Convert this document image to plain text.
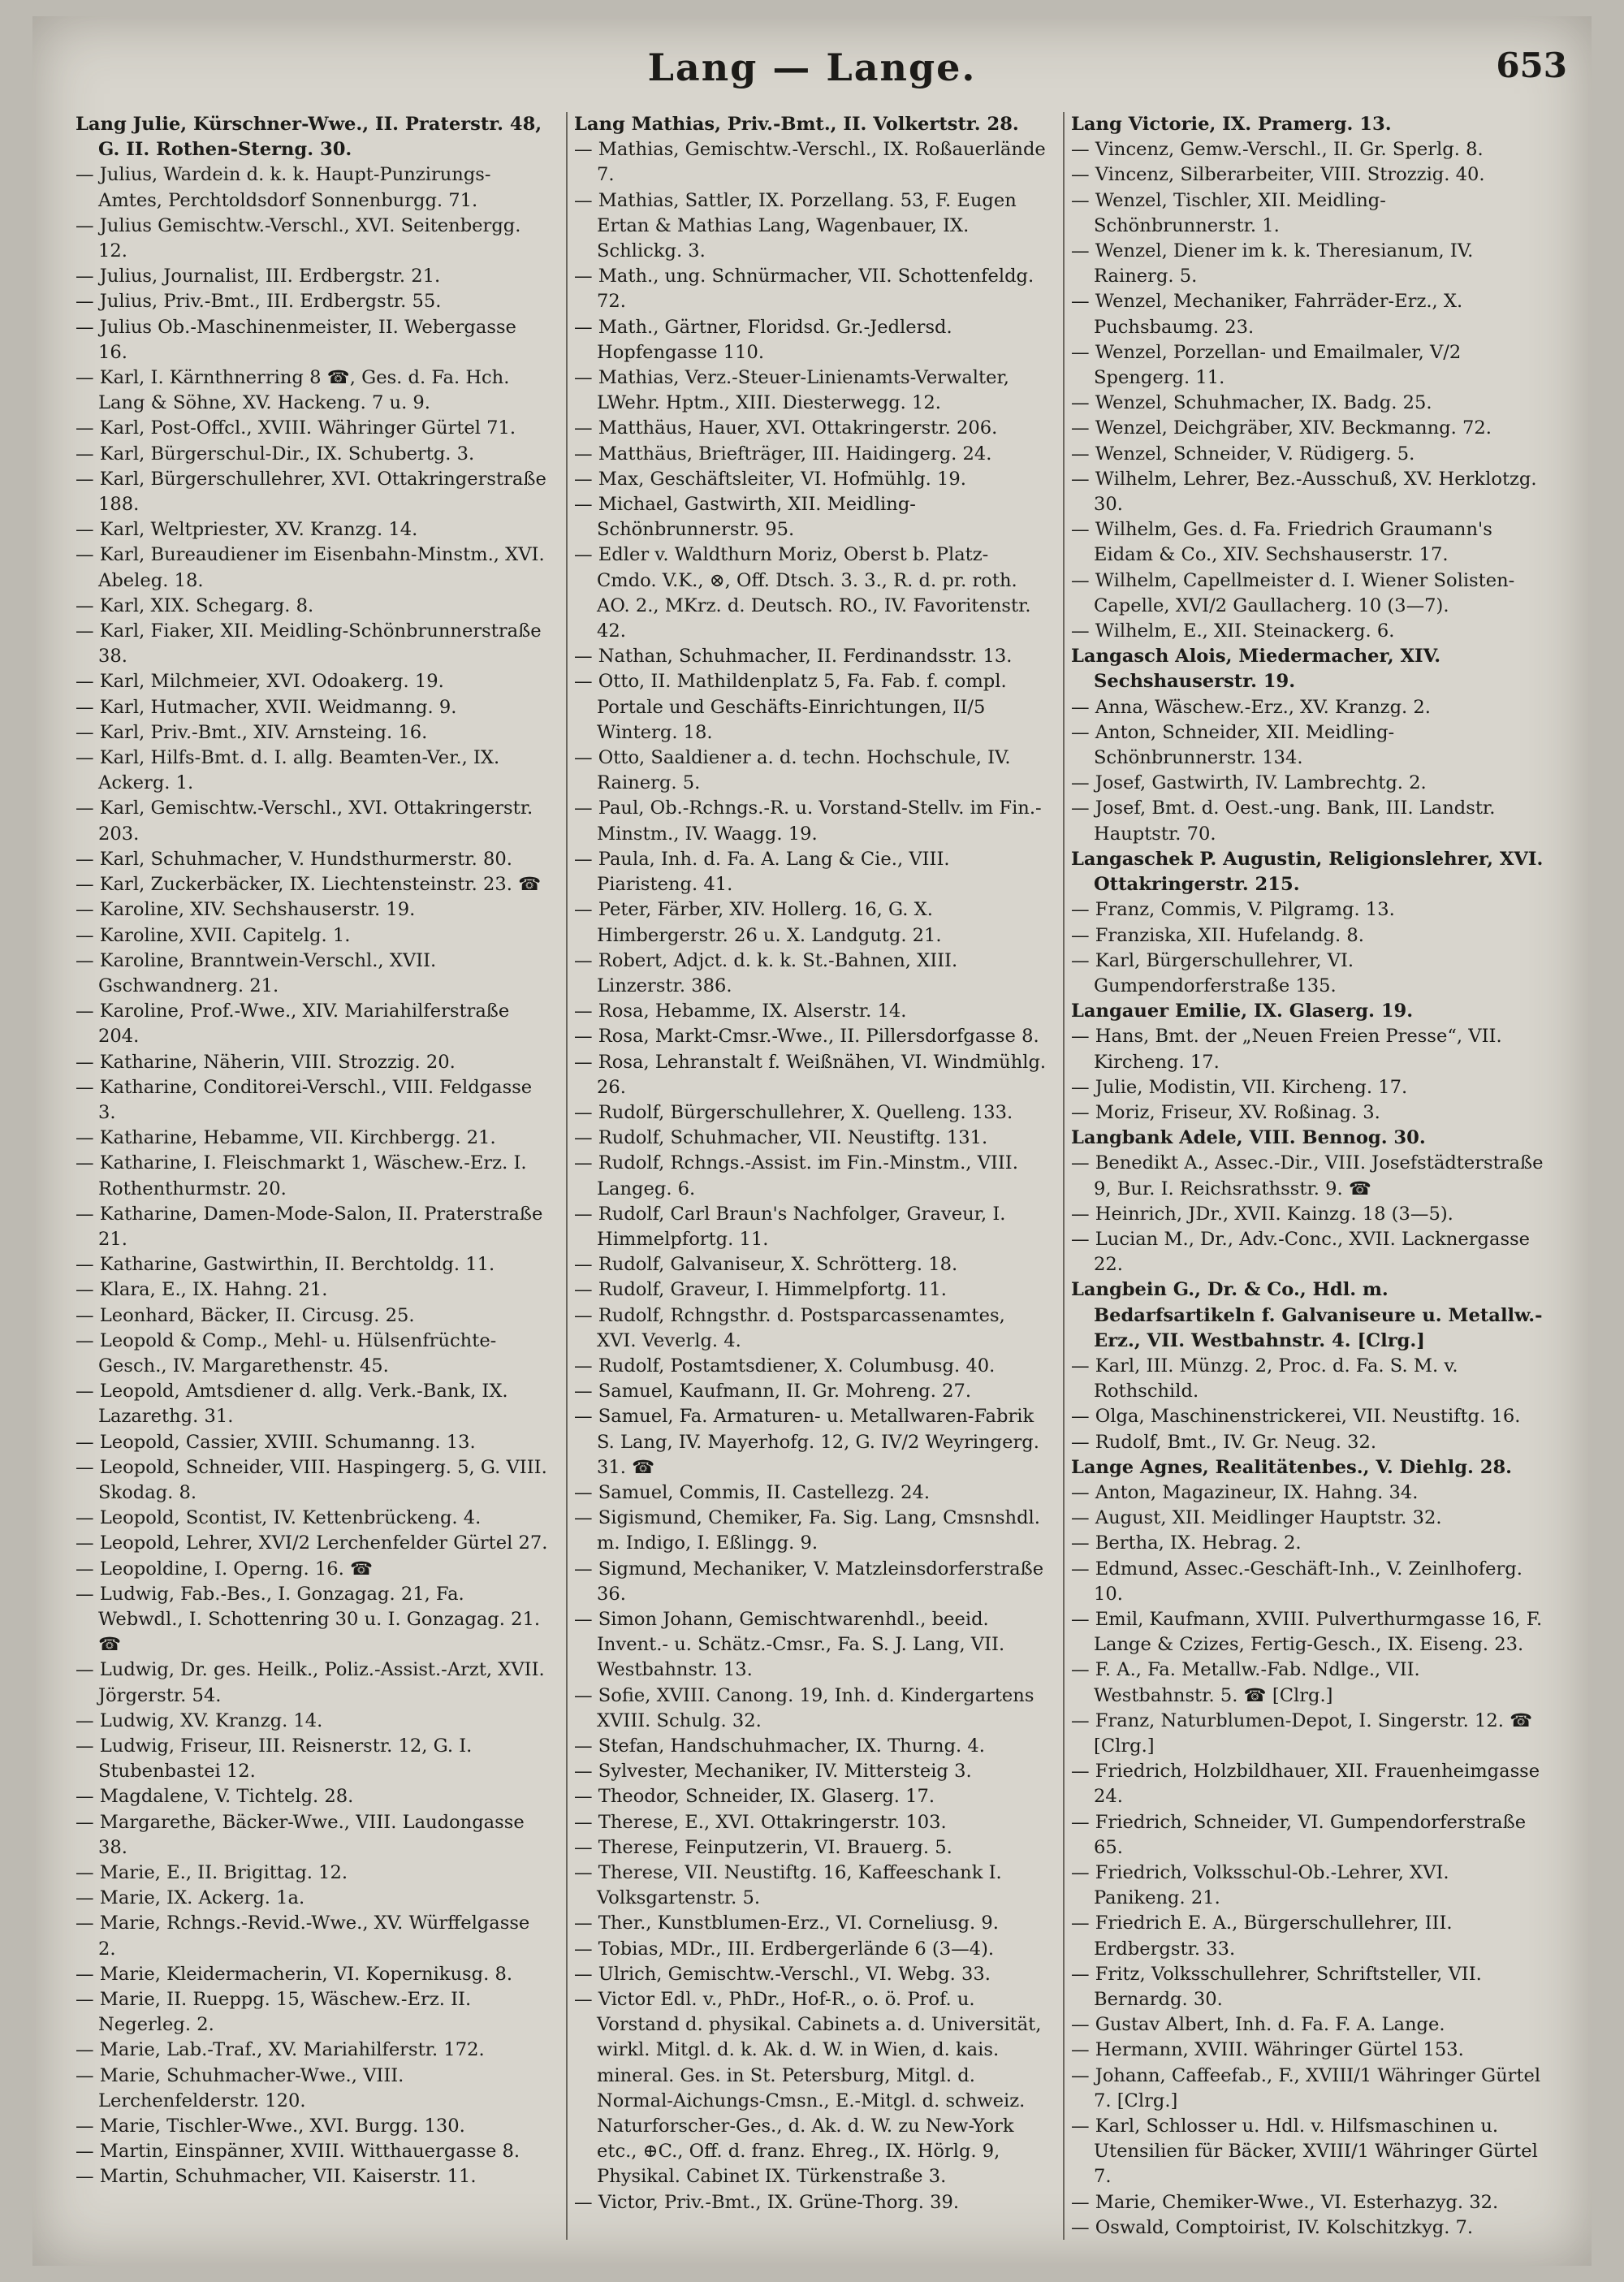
Lang — Lange.	653

Lang Julie, Kürschner-Wwe., II. Praterstr. 48, G. II. Rothen-Sterng. 30.

— Julius, Wardein d. k. k. Haupt-Punzirungs-Amtes, Perchtoldsdorf Sonnenburgg. 71.

— Julius Gemischtw.-Verschl., XVI. Seitenbergg. 12.

— Julius, Journalist, III. Erdbergstr. 21.

— Julius, Priv.-Bmt., III. Erdbergstr. 55.

— Julius Ob.-Maschinenmeister, II. Webergasse 16.

— Karl, I. Kärnthnerring 8 ☎, Ges. d. Fa. Hch. Lang & Söhne, XV. Hackeng. 7 u. 9.

— Karl, Post-Offcl., XVIII. Währinger Gürtel 71.

— Karl, Bürgerschul-Dir., IX. Schubertg. 3.

— Karl, Bürgerschullehrer, XVI. Ottakringerstraße 188.

— Karl, Weltpriester, XV. Kranzg. 14.

— Karl, Bureaudiener im Eisenbahn-Minstm., XVI. Abeleg. 18.

— Karl, XIX. Schegarg. 8.

— Karl, Fiaker, XII. Meidling-Schönbrunnerstraße 38.

— Karl, Milchmeier, XVI. Odoakerg. 19.

— Karl, Hutmacher, XVII. Weidmanng. 9.

— Karl, Priv.-Bmt., XIV. Arnsteing. 16.

— Karl, Hilfs-Bmt. d. I. allg. Beamten-Ver., IX. Ackerg. 1.

— Karl, Gemischtw.-Verschl., XVI. Ottakringerstr. 203.

— Karl, Schuhmacher, V. Hundsthurmerstr. 80.

— Karl, Zuckerbäcker, IX. Liechtensteinstr. 23. ☎

— Karoline, XIV. Sechshauserstr. 19.

— Karoline, XVII. Capitelg. 1.

— Karoline, Branntwein-Verschl., XVII. Gschwandnerg. 21.

— Karoline, Prof.-Wwe., XIV. Mariahilferstraße 204.

— Katharine, Näherin, VIII. Strozzig. 20.

— Katharine, Conditorei-Verschl., VIII. Feldgasse 3.

— Katharine, Hebamme, VII. Kirchbergg. 21.

— Katharine, I. Fleischmarkt 1, Wäschew.-Erz. I. Rothenthurmstr. 20.

— Katharine, Damen-Mode-Salon, II. Praterstraße 21.

— Katharine, Gastwirthin, II. Berchtoldg. 11.

— Klara, E., IX. Hahng. 21.

— Leonhard, Bäcker, II. Circusg. 25.

— Leopold & Comp., Mehl- u. Hülsenfrüchte-Gesch., IV. Margarethenstr. 45.

— Leopold, Amtsdiener d. allg. Verk.-Bank, IX. Lazarethg. 31.

— Leopold, Cassier, XVIII. Schumanng. 13.

— Leopold, Schneider, VIII. Haspingerg. 5, G. VIII. Skodag. 8.

— Leopold, Scontist, IV. Kettenbrückeng. 4.

— Leopold, Lehrer, XVI/2 Lerchenfelder Gürtel 27.

— Leopoldine, I. Operng. 16. ☎

— Ludwig, Fab.-Bes., I. Gonzagag. 21, Fa. Webwdl., I. Schottenring 30 u. I. Gonzagag. 21. ☎

— Ludwig, Dr. ges. Heilk., Poliz.-Assist.-Arzt, XVII. Jörgerstr. 54.

— Ludwig, XV. Kranzg. 14.

— Ludwig, Friseur, III. Reisnerstr. 12, G. I. Stubenbastei 12.

— Magdalene, V. Tichtelg. 28.

— Margarethe, Bäcker-Wwe., VIII. Laudongasse 38.

— Marie, E., II. Brigittag. 12.

— Marie, IX. Ackerg. 1a.

— Marie, Rchngs.-Revid.-Wwe., XV. Würffelgasse 2.

— Marie, Kleidermacherin, VI. Kopernikusg. 8.

— Marie, II. Rueppg. 15, Wäschew.-Erz. II. Negerleg. 2.

— Marie, Lab.-Traf., XV. Mariahilferstr. 172.

— Marie, Schuhmacher-Wwe., VIII. Lerchenfelderstr. 120.

— Marie, Tischler-Wwe., XVI. Burgg. 130.

— Martin, Einspänner, XVIII. Witthauergasse 8.

— Martin, Schuhmacher, VII. Kaiserstr. 11.

Lang Mathias, Priv.-Bmt., II. Volkertstr. 28.

— Mathias, Gemischtw.-Verschl., IX. Roßauerlände 7.

— Mathias, Sattler, IX. Porzellang. 53, F. Eugen Ertan & Mathias Lang, Wagenbauer, IX. Schlickg. 3.

— Math., ung. Schnürmacher, VII. Schottenfeldg. 72.

— Math., Gärtner, Floridsd. Gr.-Jedlersd. Hopfengasse 110.

— Mathias, Verz.-Steuer-Linienamts-Verwalter, LWehr. Hptm., XIII. Diesterwegg. 12.

— Matthäus, Hauer, XVI. Ottakringerstr. 206.

— Matthäus, Briefträger, III. Haidingerg. 24.

— Max, Geschäftsleiter, VI. Hofmühlg. 19.

— Michael, Gastwirth, XII. Meidling-Schönbrunnerstr. 95.

— Edler v. Waldthurn Moriz, Oberst b. Platz-Cmdo. V.K., ⊗, Off. Dtsch. 3. 3., R. d. pr. roth. AO. 2., MKrz. d. Deutsch. RO., IV. Favoritenstr. 42.

— Nathan, Schuhmacher, II. Ferdinandsstr. 13.

— Otto, II. Mathildenplatz 5, Fa. Fab. f. compl. Portale und Geschäfts-Einrichtungen, II/5 Winterg. 18.

— Otto, Saaldiener a. d. techn. Hochschule, IV. Rainerg. 5.

— Paul, Ob.-Rchngs.-R. u. Vorstand-Stellv. im Fin.-Minstm., IV. Waagg. 19.

— Paula, Inh. d. Fa. A. Lang & Cie., VIII. Piaristeng. 41.

— Peter, Färber, XIV. Hollerg. 16, G. X. Himbergerstr. 26 u. X. Landgutg. 21.

— Robert, Adjct. d. k. k. St.-Bahnen, XIII. Linzerstr. 386.

— Rosa, Hebamme, IX. Alserstr. 14.

— Rosa, Markt-Cmsr.-Wwe., II. Pillersdorfgasse 8.

— Rosa, Lehranstalt f. Weißnähen, VI. Windmühlg. 26.

— Rudolf, Bürgerschullehrer, X. Quelleng. 133.

— Rudolf, Schuhmacher, VII. Neustiftg. 131.

— Rudolf, Rchngs.-Assist. im Fin.-Minstm., VIII. Langeg. 6.

— Rudolf, Carl Braun's Nachfolger, Graveur, I. Himmelpfortg. 11.

— Rudolf, Galvaniseur, X. Schrötterg. 18.

— Rudolf, Graveur, I. Himmelpfortg. 11.

— Rudolf, Rchngsthr. d. Postsparcassenamtes, XVI. Veverlg. 4.

— Rudolf, Postamtsdiener, X. Columbusg. 40.

— Samuel, Kaufmann, II. Gr. Mohreng. 27.

— Samuel, Fa. Armaturen- u. Metallwaren-Fabrik S. Lang, IV. Mayerhofg. 12, G. IV/2 Weyringerg. 31. ☎

— Samuel, Commis, II. Castellezg. 24.

— Sigismund, Chemiker, Fa. Sig. Lang, Cmsnshdl. m. Indigo, I. Eßlingg. 9.

— Sigmund, Mechaniker, V. Matzleinsdorferstraße 36.

— Simon Johann, Gemischtwarenhdl., beeid. Invent.- u. Schätz.-Cmsr., Fa. S. J. Lang, VII. Westbahnstr. 13.

— Sofie, XVIII. Canong. 19, Inh. d. Kindergartens XVIII. Schulg. 32.

— Stefan, Handschuhmacher, IX. Thurng. 4.

— Sylvester, Mechaniker, IV. Mittersteig 3.

— Theodor, Schneider, IX. Glaserg. 17.

— Therese, E., XVI. Ottakringerstr. 103.

— Therese, Feinputzerin, VI. Brauerg. 5.

— Therese, VII. Neustiftg. 16, Kaffeeschank I. Volksgartenstr. 5.

— Ther., Kunstblumen-Erz., VI. Corneliusg. 9.

— Tobias, MDr., III. Erdbergerlände 6 (3—4).

— Ulrich, Gemischtw.-Verschl., VI. Webg. 33.

— Victor Edl. v., PhDr., Hof-R., o. ö. Prof. u. Vorstand d. physikal. Cabinets a. d. Universität, wirkl. Mitgl. d. k. Ak. d. W. in Wien, d. kais. mineral. Ges. in St. Petersburg, Mitgl. d. Normal-Aichungs-Cmsn., E.-Mitgl. d. schweiz. Naturforscher-Ges., d. Ak. d. W. zu New-York etc., ⊕C., Off. d. franz. Ehreg., IX. Hörlg. 9, Physikal. Cabinet IX. Türkenstraße 3.

— Victor, Priv.-Bmt., IX. Grüne-Thorg. 39.

Lang Victorie, IX. Pramerg. 13.

— Vincenz, Gemw.-Verschl., II. Gr. Sperlg. 8.

— Vincenz, Silberarbeiter, VIII. Strozzig. 40.

— Wenzel, Tischler, XII. Meidling-Schönbrunnerstr. 1.

— Wenzel, Diener im k. k. Theresianum, IV. Rainerg. 5.

— Wenzel, Mechaniker, Fahrräder-Erz., X. Puchsbaumg. 23.

— Wenzel, Porzellan- und Emailmaler, V/2 Spengerg. 11.

— Wenzel, Schuhmacher, IX. Badg. 25.

— Wenzel, Deichgräber, XIV. Beckmanng. 72.

— Wenzel, Schneider, V. Rüdigerg. 5.

— Wilhelm, Lehrer, Bez.-Ausschuß, XV. Herklotzg. 30.

— Wilhelm, Ges. d. Fa. Friedrich Graumann's Eidam & Co., XIV. Sechshauserstr. 17.

— Wilhelm, Capellmeister d. I. Wiener Solisten-Capelle, XVI/2 Gaullacherg. 10 (3—7).

— Wilhelm, E., XII. Steinackerg. 6.

Langasch Alois, Miedermacher, XIV. Sechshauserstr. 19.

— Anna, Wäschew.-Erz., XV. Kranzg. 2.

— Anton, Schneider, XII. Meidling-Schönbrunnerstr. 134.

— Josef, Gastwirth, IV. Lambrechtg. 2.

— Josef, Bmt. d. Oest.-ung. Bank, III. Landstr. Hauptstr. 70.

Langaschek P. Augustin, Religionslehrer, XVI. Ottakringerstr. 215.

— Franz, Commis, V. Pilgramg. 13.

— Franziska, XII. Hufelandg. 8.

— Karl, Bürgerschullehrer, VI. Gumpendorferstraße 135.

Langauer Emilie, IX. Glaserg. 19.

— Hans, Bmt. der „Neuen Freien Presse“, VII. Kircheng. 17.

— Julie, Modistin, VII. Kircheng. 17.

— Moriz, Friseur, XV. Roßinag. 3.

Langbank Adele, VIII. Bennog. 30.

— Benedikt A., Assec.-Dir., VIII. Josefstädterstraße 9, Bur. I. Reichsrathsstr. 9. ☎

— Heinrich, JDr., XVII. Kainzg. 18 (3—5).

— Lucian M., Dr., Adv.-Conc., XVII. Lacknergasse 22.

Langbein G., Dr. & Co., Hdl. m. Bedarfsartikeln f. Galvaniseure u. Metallw.-Erz., VII. Westbahnstr. 4. [Clrg.]

— Karl, III. Münzg. 2, Proc. d. Fa. S. M. v. Rothschild.

— Olga, Maschinenstrickerei, VII. Neustiftg. 16.

— Rudolf, Bmt., IV. Gr. Neug. 32.

Lange Agnes, Realitätenbes., V. Diehlg. 28.

— Anton, Magazineur, IX. Hahng. 34.

— August, XII. Meidlinger Hauptstr. 32.

— Bertha, IX. Hebrag. 2.

— Edmund, Assec.-Geschäft-Inh., V. Zeinlhoferg. 10.

— Emil, Kaufmann, XVIII. Pulverthurmgasse 16, F. Lange & Czizes, Fertig-Gesch., IX. Eiseng. 23.

— F. A., Fa. Metallw.-Fab. Ndlge., VII. Westbahnstr. 5. ☎ [Clrg.]

— Franz, Naturblumen-Depot, I. Singerstr. 12. ☎ [Clrg.]

— Friedrich, Holzbildhauer, XII. Frauenheimgasse 24.

— Friedrich, Schneider, VI. Gumpendorferstraße 65.

— Friedrich, Volksschul-Ob.-Lehrer, XVI. Panikeng. 21.

— Friedrich E. A., Bürgerschullehrer, III. Erdbergstr. 33.

— Fritz, Volksschullehrer, Schriftsteller, VII. Bernardg. 30.

— Gustav Albert, Inh. d. Fa. F. A. Lange.

— Hermann, XVIII. Währinger Gürtel 153.

— Johann, Caffeefab., F., XVIII/1 Währinger Gürtel 7. [Clrg.]

— Karl, Schlosser u. Hdl. v. Hilfsmaschinen u. Utensilien für Bäcker, XVIII/1 Währinger Gürtel 7.

— Marie, Chemiker-Wwe., VI. Esterhazyg. 32.

— Oswald, Comptoirist, IV. Kolschitzkyg. 7.
